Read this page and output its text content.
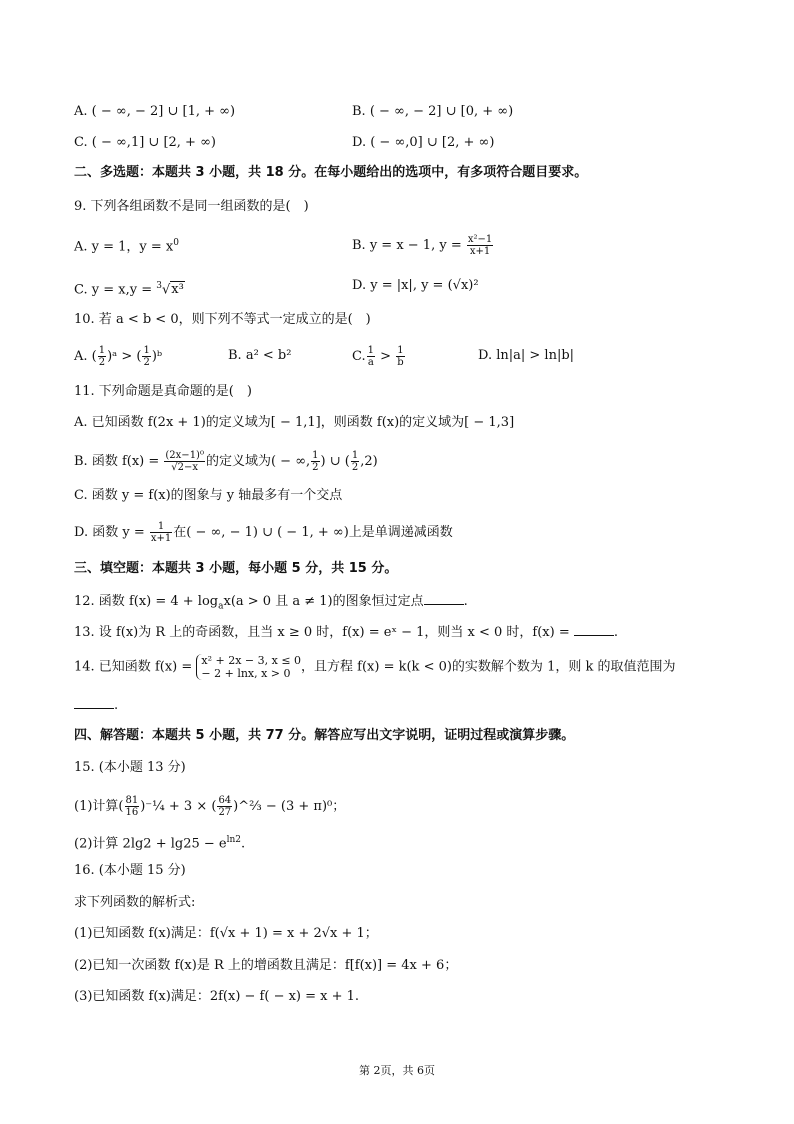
A. ( − ∞, − 2] ∪ [1, + ∞)	B. ( − ∞, − 2] ∪ [0, + ∞)
C. ( − ∞,1] ∪ [2, + ∞)	D. ( − ∞,0] ∪ [2, + ∞)
二、多选题：本题共 3 小题，共 18 分。在每小题给出的选项中，有多项符合题目要求。
9. 下列各组函数不是同一组函数的是(　)
A. y = 1，$y = x^0$	B. y = x − 1, $y = \frac{\text{x²−1}}{x+1}$
C. y = x,y = $^3$√x³	D. y = |x|, y = (√x)²
10. 若 a < b < 0，则下列不等式一定成立的是(　)
A. ( $\frac{1}{2}$ )ᵃ > ( $\frac{1}{2}$ )ᵇ	B. a² < b²	C. $\frac{1}{a} > \frac{1}{b}$	D. ln|a| > ln|b|
11. 下列命题是真命题的是(　)
A. 已知函数 f(2x + 1)的定义域为[ − 1,1]，则函数 f(x)的定义域为[ − 1,3]
B. 函数 $f(x) = \frac{\text{(2x−1)⁰}}{√2-x}$ 的定义域为( − ∞, $\frac{1}{2}$ ) ∪ ( $\frac{1}{2} ,2$)
C. 函数 y = f(x)的图象与 y 轴最多有一个交点
D. 函数 $y = \frac{1}{x+1}$ 在( − ∞, − 1) ∪ ( − 1, + ∞)上是单调递减函数
三、填空题：本题共 3 小题，每小题 5 分，共 15 分。
12. 函数 $f(x) = 4 + \log_ax(a > 0$ 且 a ≠ 1)的图象恒过定点	.
13. 设 f(x)为 R 上的奇函数，且当 x ≥ 0 时，f(x) = eˣ − 1，则当 x < 0 时，f(x) =	.
14. 已知函数 f(x) = x² + 2x − 3, x ≤ 0
− 2 + lnx, x > 0 ，且方程 f(x) = k(k < 0)的实数解个数为 1，则 k 的取值范围为
.
四、解答题：本题共 5 小题，共 77 分。解答应写出文字说明，证明过程或演算步骤。
15. (本小题 13 分)
(1)计算( $\frac{81}{16}$ )⁻¼ + 3 × ( $\frac{64}{27}$ )^⅔ − (3 + π)⁰；
(2)计算 $2\lg 2 + \lg 25 - e^{ln2}$.
16. (本小题 15 分)
求下列函数的解析式:
(1)已知函数 f(x)满足：f(√x + 1) = x + 2√x + 1；
(2)已知一次函数 f(x)是 R 上的增函数且满足：f[f(x)] = 4x + 6；
(3)已知函数 f(x)满足：2f(x) − f( − x) = x + 1.
第 2页，共 6页
